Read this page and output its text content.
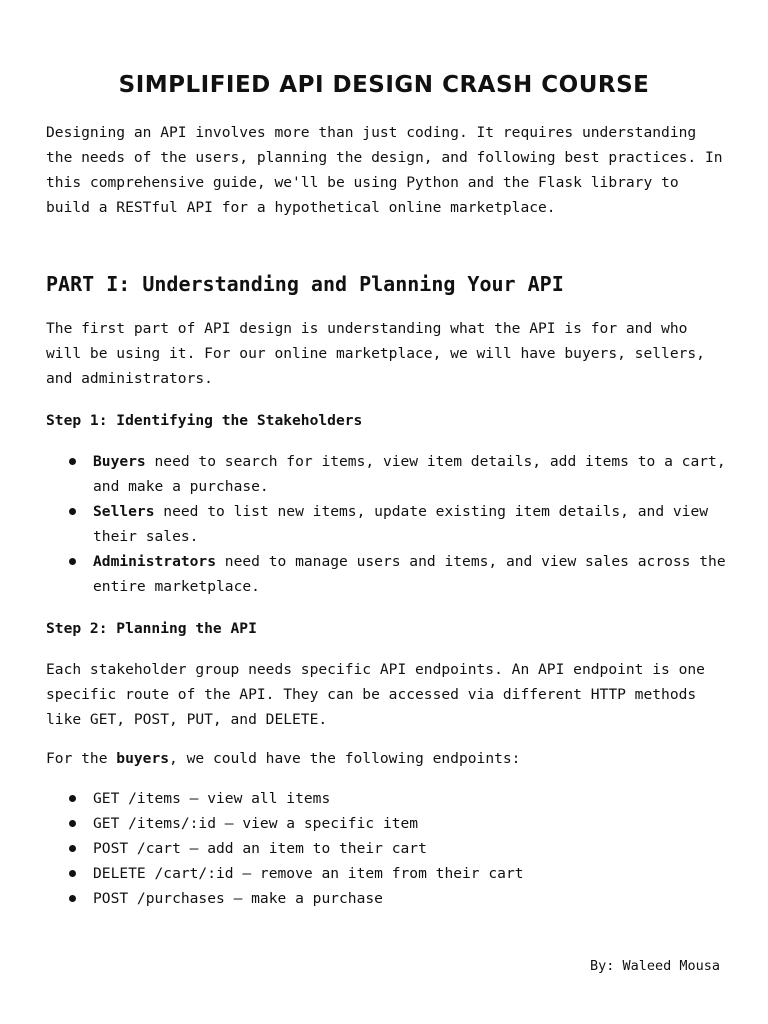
SIMPLIFIED API DESIGN CRASH COURSE

Designing an API involves more than just coding. It requires understanding the needs of the users, planning the design, and following best practices. In this comprehensive guide, we'll be using Python and the Flask library to build a RESTful API for a hypothetical online marketplace.

PART I: Understanding and Planning Your API

The first part of API design is understanding what the API is for and who will be using it. For our online marketplace, we will have buyers, sellers, and administrators.

Step 1: Identifying the Stakeholders
Buyers need to search for items, view item details, add items to a cart, and make a purchase.
Sellers need to list new items, update existing item details, and view their sales.
Administrators need to manage users and items, and view sales across the entire marketplace.
Step 2: Planning the API

Each stakeholder group needs specific API endpoints. An API endpoint is one specific route of the API. They can be accessed via different HTTP methods like GET, POST, PUT, and DELETE.

For the buyers, we could have the following endpoints:

GET /items – view all items
GET /items/:id – view a specific item
POST /cart – add an item to their cart
DELETE /cart/:id – remove an item from their cart
POST /purchases – make a purchase

By: Waleed Mousa
